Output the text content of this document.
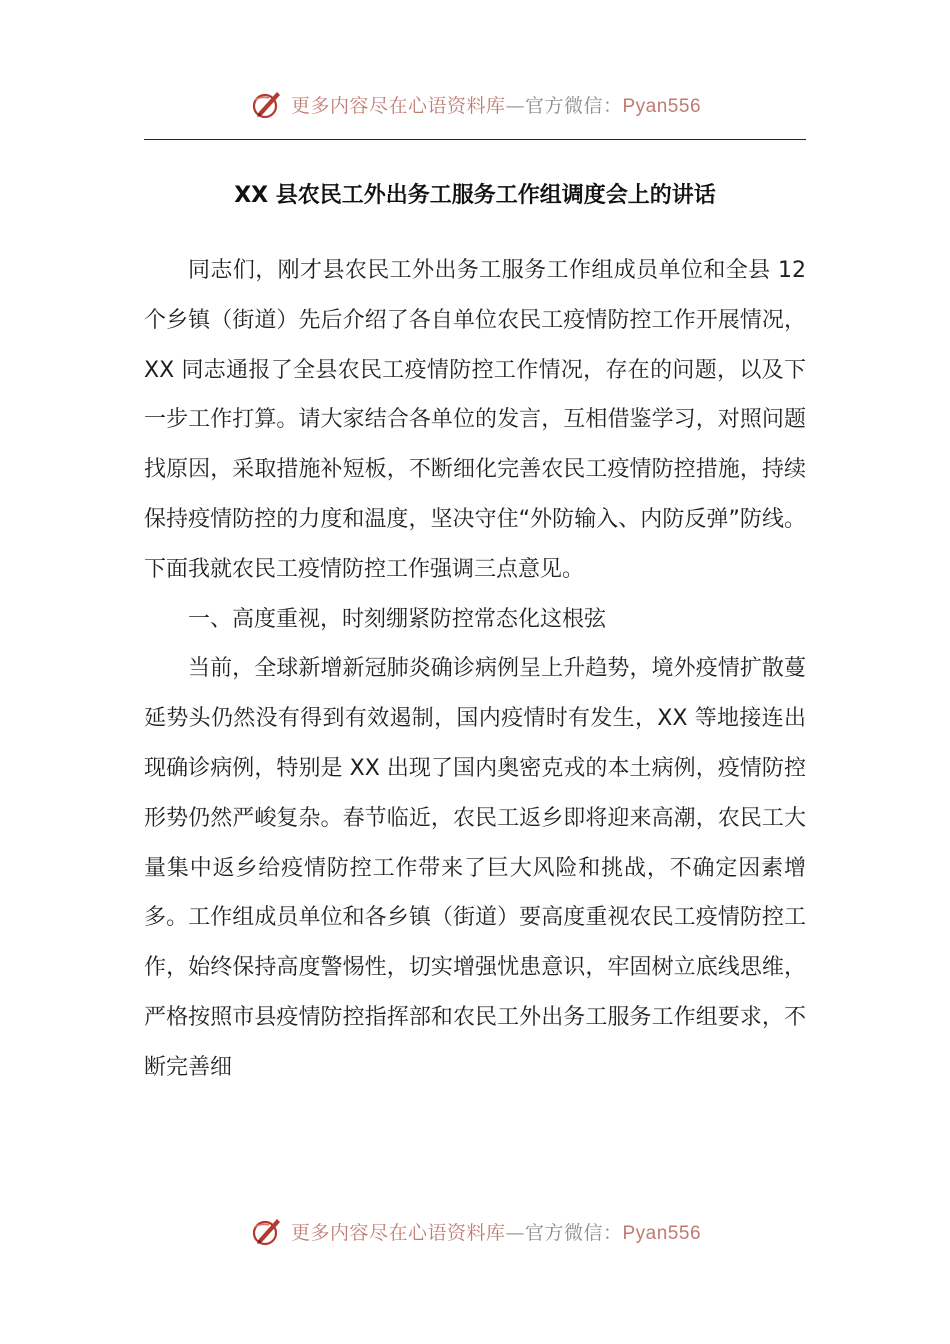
更多内容尽在心语资料库—官方微信：Pyan556
XX 县农民工外出务工服务工作组调度会上的讲话

同志们，刚才县农民工外出务工服务工作组成员单位和全县 12 个乡镇（街道）先后介绍了各自单位农民工疫情防控工作开展情况，XX 同志通报了全县农民工疫情防控工作情况，存在的问题，以及下一步工作打算。请大家结合各单位的发言，互相借鉴学习，对照问题找原因，采取措施补短板，不断细化完善农民工疫情防控措施，持续保持疫情防控的力度和温度，坚决守住“外防输入、内防反弹”防线。下面我就农民工疫情防控工作强调三点意见。

一、高度重视，时刻绷紧防控常态化这根弦

当前，全球新增新冠肺炎确诊病例呈上升趋势，境外疫情扩散蔓延势头仍然没有得到有效遏制，国内疫情时有发生，XX 等地接连出现确诊病例，特别是 XX 出现了国内奥密克戎的本土病例，疫情防控形势仍然严峻复杂。春节临近，农民工返乡即将迎来高潮，农民工大量集中返乡给疫情防控工作带来了巨大风险和挑战，不确定因素增多。工作组成员单位和各乡镇（街道）要高度重视农民工疫情防控工作，始终保持高度警惕性，切实增强忧患意识，牢固树立底线思维，严格按照市县疫情防控指挥部和农民工外出务工服务工作组要求，不断完善细

更多内容尽在心语资料库—官方微信：Pyan556
